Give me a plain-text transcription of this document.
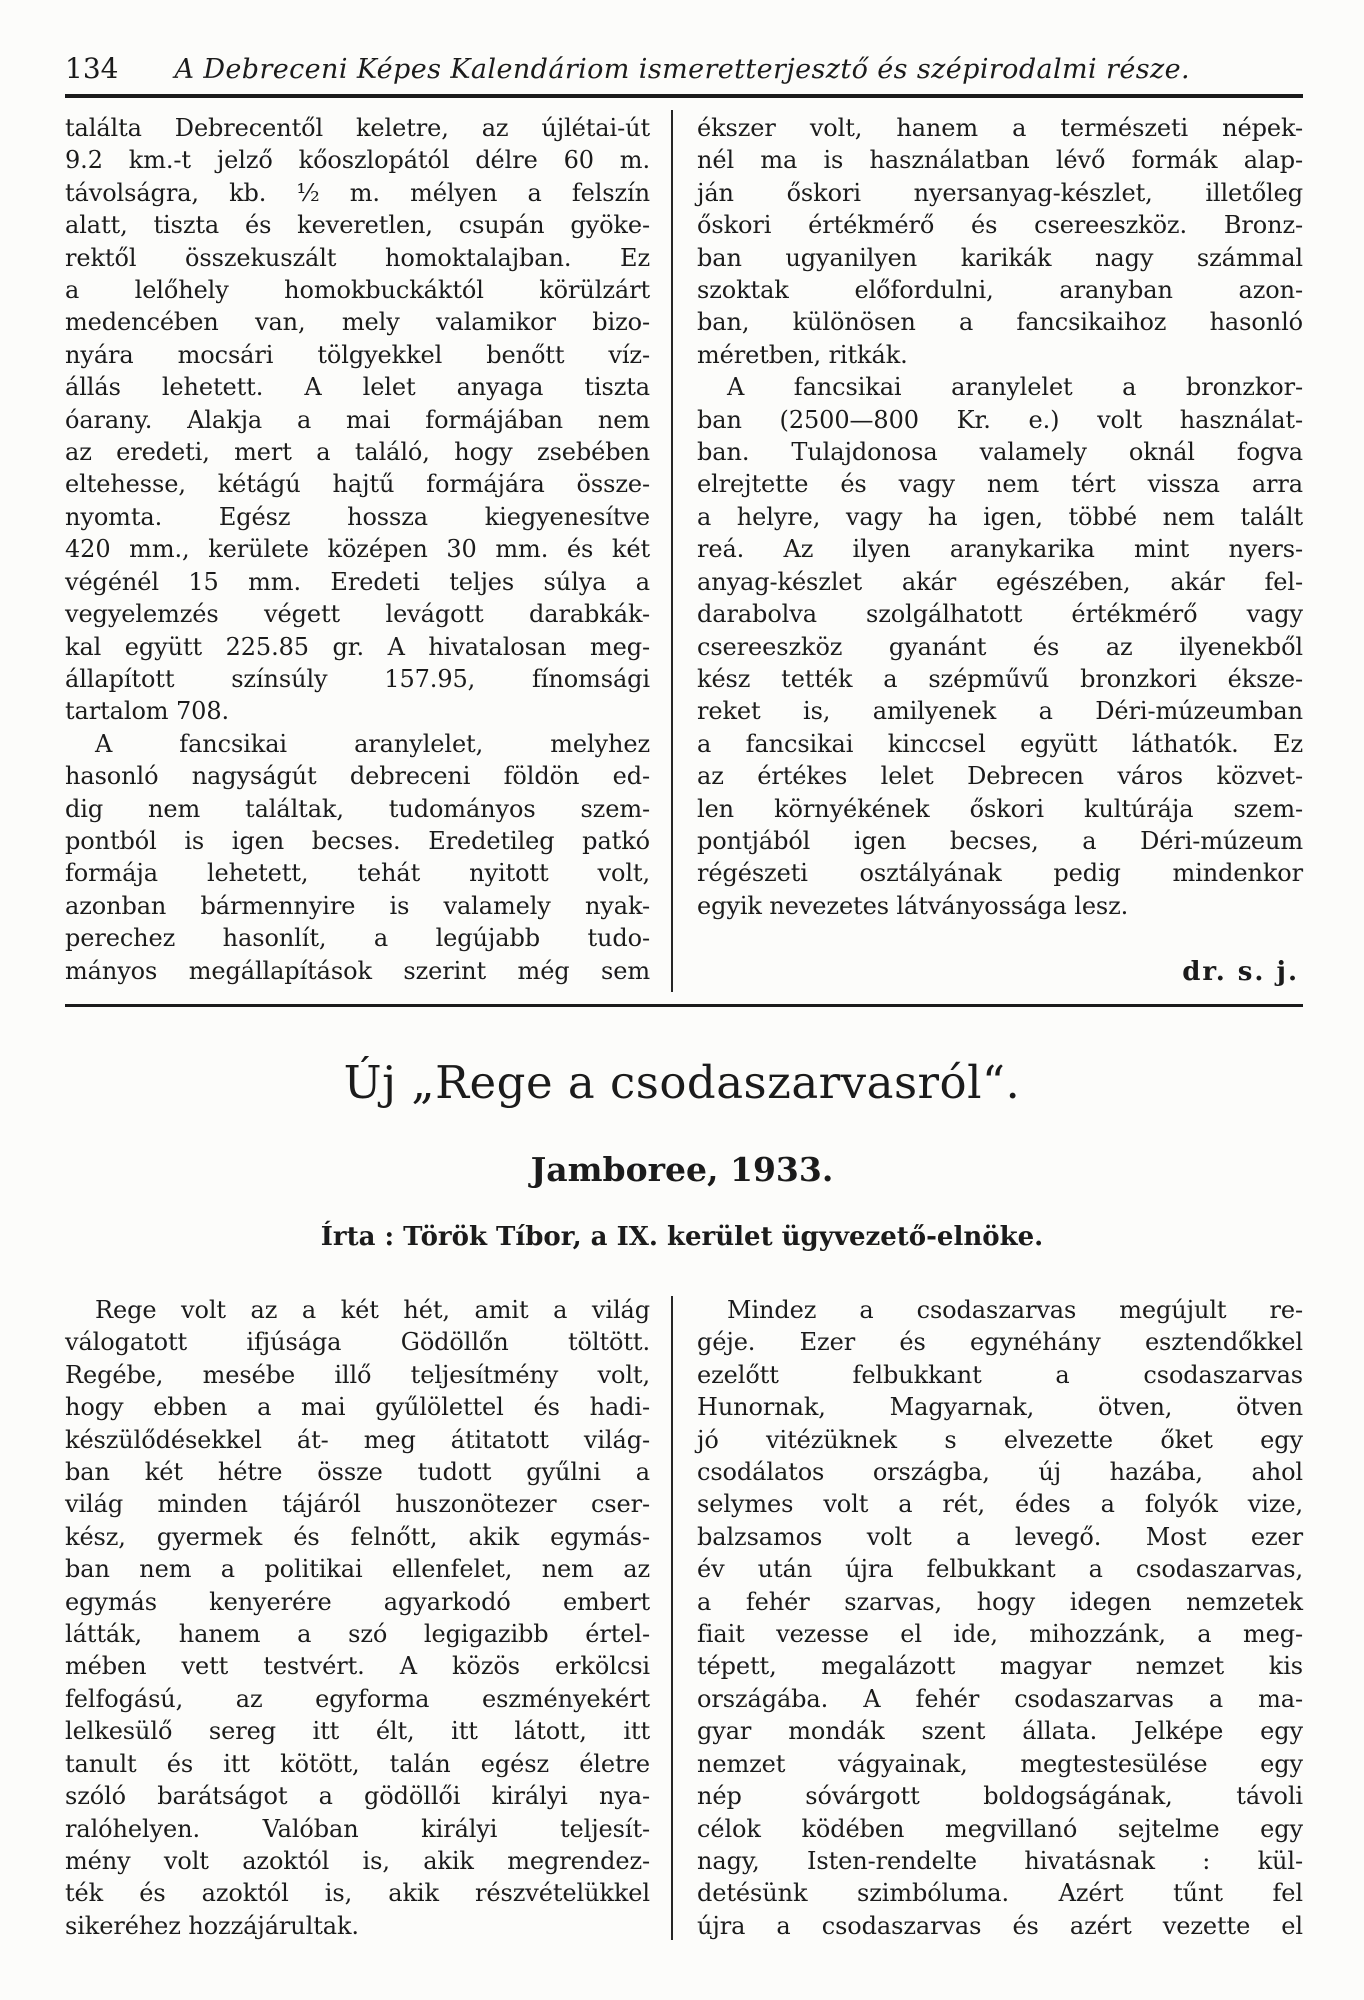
134 A Debreceni Képes Kalendáriom ismeretterjesztő és szépirodalmi része.
találta Debrecentől keletre, az újlétai-út
9.2 km.-t jelző kőoszlopától délre 60 m.
távolságra, kb. ½ m. mélyen a felszín
alatt, tiszta és keveretlen, csupán gyöke-
rektől összekuszált homoktalajban. Ez
a lelőhely homokbuckáktól körülzárt
medencében van, mely valamikor bizo-
nyára mocsári tölgyekkel benőtt víz-
állás lehetett. A lelet anyaga tiszta
óarany. Alakja a mai formájában nem
az eredeti, mert a találó, hogy zsebében
eltehesse, kétágú hajtű formájára össze-
nyomta. Egész hossza kiegyenesítve
420 mm., kerülete középen 30 mm. és két
végénél 15 mm. Eredeti teljes súlya a
vegyelemzés végett levágott darabkák-
kal együtt 225.85 gr. A hivatalosan meg-
állapított színsúly 157.95, fínomsági
tartalom 708.
A fancsikai aranylelet, melyhez
hasonló nagyságút debreceni földön ed-
dig nem találtak, tudományos szem-
pontból is igen becses. Eredetileg patkó
formája lehetett, tehát nyitott volt,
azonban bármennyire is valamely nyak-
perechez hasonlít, a legújabb tudo-
mányos megállapítások szerint még sem
ékszer volt, hanem a természeti népek-
nél ma is használatban lévő formák alap-
ján őskori nyersanyag-készlet, illetőleg
őskori értékmérő és csereeszköz. Bronz-
ban ugyanilyen karikák nagy számmal
szoktak előfordulni, aranyban azon-
ban, különösen a fancsikaihoz hasonló
méretben, ritkák.
A fancsikai aranylelet a bronzkor-
ban (2500—800 Kr. e.) volt használat-
ban. Tulajdonosa valamely oknál fogva
elrejtette és vagy nem tért vissza arra
a helyre, vagy ha igen, többé nem talált
reá. Az ilyen aranykarika mint nyers-
anyag-készlet akár egészében, akár fel-
darabolva szolgálhatott értékmérő vagy
csereeszköz gyanánt és az ilyenekből
kész tették a szépművű bronzkori éksze-
reket is, amilyenek a Déri-múzeumban
a fancsikai kinccsel együtt láthatók. Ez
az értékes lelet Debrecen város közvet-
len környékének őskori kultúrája szem-
pontjából igen becses, a Déri-múzeum
régészeti osztályának pedig mindenkor
egyik nevezetes látványossága lesz.
dr. s. j.
Új „Rege a csodaszarvasról“.
Jamboree, 1933.
Írta : Török Tíbor, a IX. kerület ügyvezető-elnöke.
Rege volt az a két hét, amit a világ
válogatott ifjúsága Gödöllőn töltött.
Regébe, mesébe illő teljesítmény volt,
hogy ebben a mai gyűlölettel és hadi-
készülődésekkel át- meg átitatott világ-
ban két hétre össze tudott gyűlni a
világ minden tájáról huszonötezer cser-
kész, gyermek és felnőtt, akik egymás-
ban nem a politikai ellenfelet, nem az
egymás kenyerére agyarkodó embert
látták, hanem a szó legigazibb értel-
mében vett testvért. A közös erkölcsi
felfogású, az egyforma eszményekért
lelkesülő sereg itt élt, itt látott, itt
tanult és itt kötött, talán egész életre
szóló barátságot a gödöllői királyi nya-
ralóhelyen. Valóban királyi teljesít-
mény volt azoktól is, akik megrendez-
ték és azoktól is, akik részvételükkel
sikeréhez hozzájárultak.
Mindez a csodaszarvas megújult re-
géje. Ezer és egynéhány esztendőkkel
ezelőtt felbukkant a csodaszarvas
Hunornak, Magyarnak, ötven, ötven
jó vitézüknek s elvezette őket egy
csodálatos országba, új hazába, ahol
selymes volt a rét, édes a folyók vize,
balzsamos volt a levegő. Most ezer
év után újra felbukkant a csodaszarvas,
a fehér szarvas, hogy idegen nemzetek
fiait vezesse el ide, mihozzánk, a meg-
tépett, megalázott magyar nemzet kis
országába. A fehér csodaszarvas a ma-
gyar mondák szent állata. Jelképe egy
nemzet vágyainak, megtestesülése egy
nép sóvárgott boldogságának, távoli
célok ködében megvillanó sejtelme egy
nagy, Isten-rendelte hivatásnak : kül-
detésünk szimbóluma. Azért tűnt fel
újra a csodaszarvas és azért vezette el
